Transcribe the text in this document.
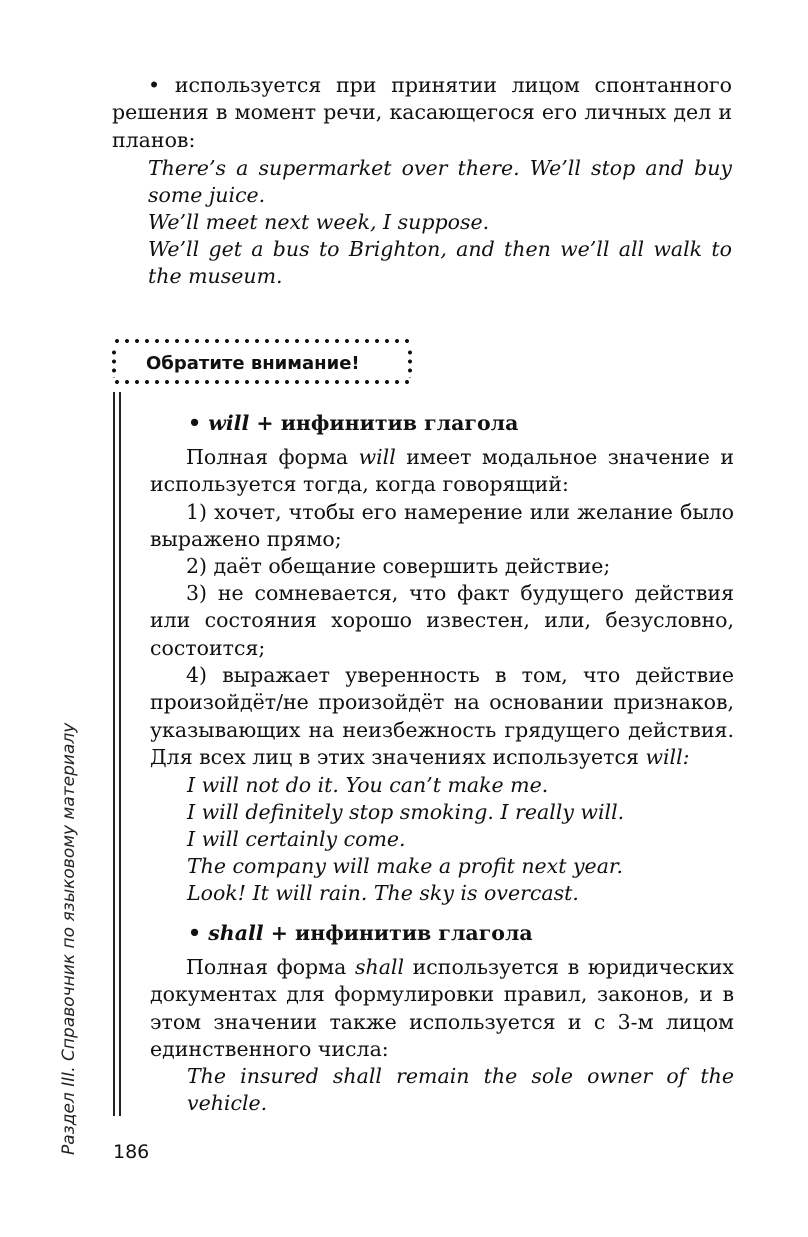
• используется при принятии лицом спонтанного решения в момент речи, касающегося его личных дел и планов:

There’s a supermarket over there. We’ll stop and buy some juice.

We’ll meet next week, I suppose.

We’ll get a bus to Brighton, and then we’ll all walk to the museum.

Обратите внимание!
• will + инфинитив глагола

Полная форма will имеет модальное значение и используется тогда, когда говорящий:

1) хочет, чтобы его намерение или желание было выражено прямо;

2) даёт обещание совершить действие;

3) не сомневается, что факт будущего действия или состояния хорошо известен, или, безусловно, состоится;

4) выражает уверенность в том, что действие произойдёт/не произойдёт на основании признаков, указывающих на неизбежность грядущего действия. Для всех лиц в этих значениях используется will:

I will not do it. You can’t make me.
I will definitely stop smoking. I really will.
I will certainly come.
The company will make a profit next year.
Look! It will rain. The sky is overcast.
• shall + инфинитив глагола

Полная форма shall используется в юридических документах для формулировки правил, законов, и в этом значении также используется и с 3-м лицом единственного числа:

The insured shall remain the sole owner of the vehicle.

Раздел III. Справочник по языковому материалу 186
